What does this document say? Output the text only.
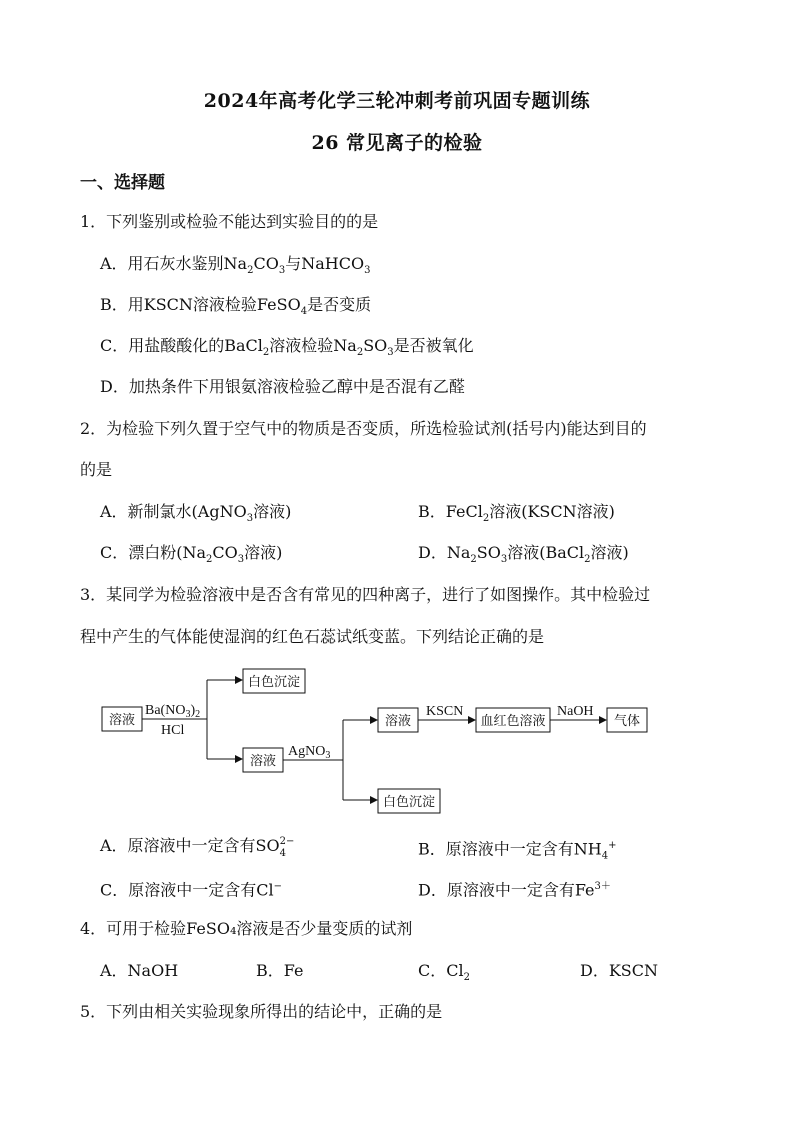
2024年高考化学三轮冲刺考前巩固专题训练
26 常见离子的检验
一、选择题
1．下列鉴别或检验不能达到实验目的的是
A．用石灰水鉴别$Na_2CO_3$与NaHCO$_3$
B．用KSCN溶液检验FeSO$_4$是否变质
C．用盐酸酸化的BaCl$_2$溶液检验$Na_2SO_3$是否被氧化
D．加热条件下用银氨溶液检验乙醇中是否混有乙醛
2．为检验下列久置于空气中的物质是否变质，所选检验试剂(括号内)能达到目的
的是
A．新制氯水(AgNO$_3$溶液)	B．FeCl$_2$溶液(KSCN溶液)
C．漂白粉($Na_2CO_3$溶液)	D．$Na_2SO_3$溶液(BaCl$_2$溶液)
3．某同学为检验溶液中是否含有常见的四种离子，进行了如图操作。其中检验过
程中产生的气体能使湿润的红色石蕊试纸变蓝。下列结论正确的是
溶液
$Ba(NO_3)_2$
HCl
白色沉淀
溶液
AgNO$_3$
溶液
白色沉淀
KSCN
血红色溶液
NaOH
气体
A．原溶液中一定含有SO 2−
4	B．原溶液中一定含有$NH_4^+$
C．原溶液中一定含有Cl−	D．原溶液中一定含有$Fe^{3+}$
4．可用于检验FeSO₄溶液是否少量变质的试剂
A．NaOH	B．Fe	C．$Cl_2$	D．KSCN
5．下列由相关实验现象所得出的结论中，正确的是
